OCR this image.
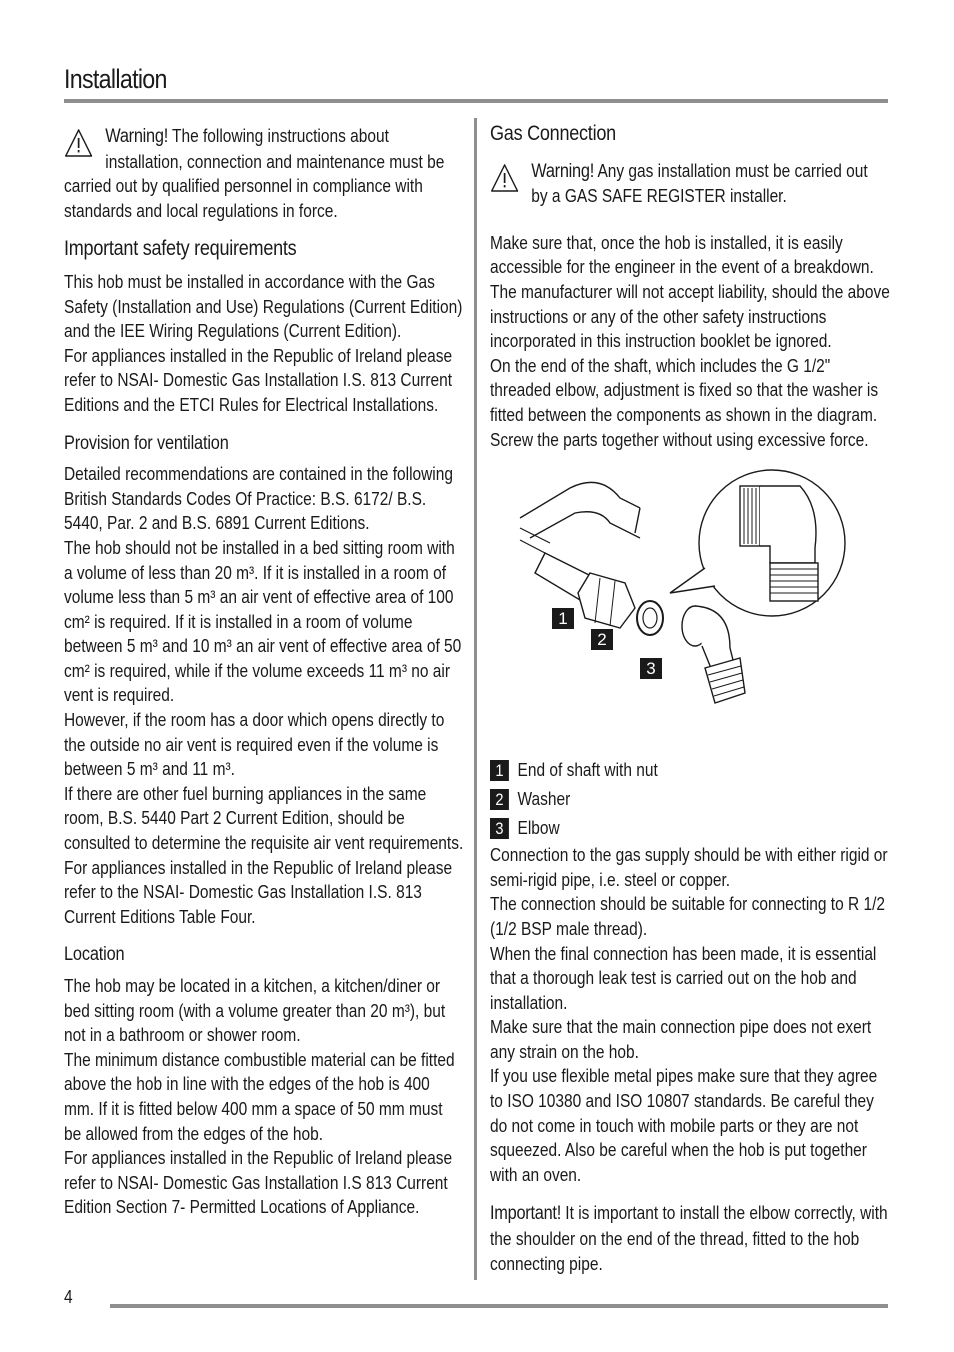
Installation

Warning! The following instructions about

installation, connection and maintenance must be

carried out by qualified personnel in compliance with standards and local regulations in force.

Important safety requirements

This hob must be installed in accordance with the Gas Safety (Installation and Use) Regulations (Current Edition) and the IEE Wiring Regulations (Current Edition).

For appliances installed in the Republic of Ireland please refer to NSAI- Domestic Gas Installation I.S. 813 Current Editions and the ETCI Rules for Electrical Installations.

Provision for ventilation

Detailed recommendations are contained in the following British Standards Codes Of Practice: B.S. 6172/ B.S. 5440, Par. 2 and B.S. 6891 Current Editions.

The hob should not be installed in a bed sitting room with a volume of less than 20 m³. If it is installed in a room of volume less than 5 m³ an air vent of effective area of 100 cm² is required. If it is installed in a room of volume between 5 m³ and 10 m³ an air vent of effective area of 50 cm² is required, while if the volume exceeds 11 m³ no air vent is required.

However, if the room has a door which opens directly to the outside no air vent is required even if the volume is between 5 m³ and 11 m³.

If there are other fuel burning appliances in the same room, B.S. 5440 Part 2 Current Edition, should be consulted to determine the requisite air vent requirements.

For appliances installed in the Republic of Ireland please refer to the NSAI- Domestic Gas Installation I.S. 813 Current Editions Table Four.

Location

The hob may be located in a kitchen, a kitchen/diner or bed sitting room (with a volume greater than 20 m³), but not in a bathroom or shower room.

The minimum distance combustible material can be fitted above the hob in line with the edges of the hob is 400 mm. If it is fitted below 400 mm a space of 50 mm must be allowed from the edges of the hob.

For appliances installed in the Republic of Ireland please refer to NSAI- Domestic Gas Installation I.S 813 Current Edition Section 7- Permitted Locations of Appliance.

Gas Connection

Warning! Any gas installation must be carried out

by a GAS SAFE REGISTER installer.

Make sure that, once the hob is installed, it is easily accessible for the engineer in the event of a breakdown.

The manufacturer will not accept liability, should the above instructions or any of the other safety instructions incorporated in this instruction booklet be ignored.

On the end of the shaft, which includes the G 1/2" threaded elbow, adjustment is fixed so that the washer is fitted between the components as shown in the diagram. Screw the parts together without using excessive force.

1
2
3
1 End of shaft with nut
2 Washer
3 Elbow

Connection to the gas supply should be with either rigid or semi-rigid pipe, i.e. steel or copper.

The connection should be suitable for connecting to R 1/2 (1/2 BSP male thread).

When the final connection has been made, it is essential that a thorough leak test is carried out on the hob and installation.

Make sure that the main connection pipe does not exert any strain on the hob.

If you use flexible metal pipes make sure that they agree to ISO 10380 and ISO 10807 standards. Be careful they do not come in touch with mobile parts or they are not squeezed. Also be careful when the hob is put together with an oven.

Important! It is important to install the elbow correctly, with the shoulder on the end of the thread, fitted to the hob connecting pipe.

4
